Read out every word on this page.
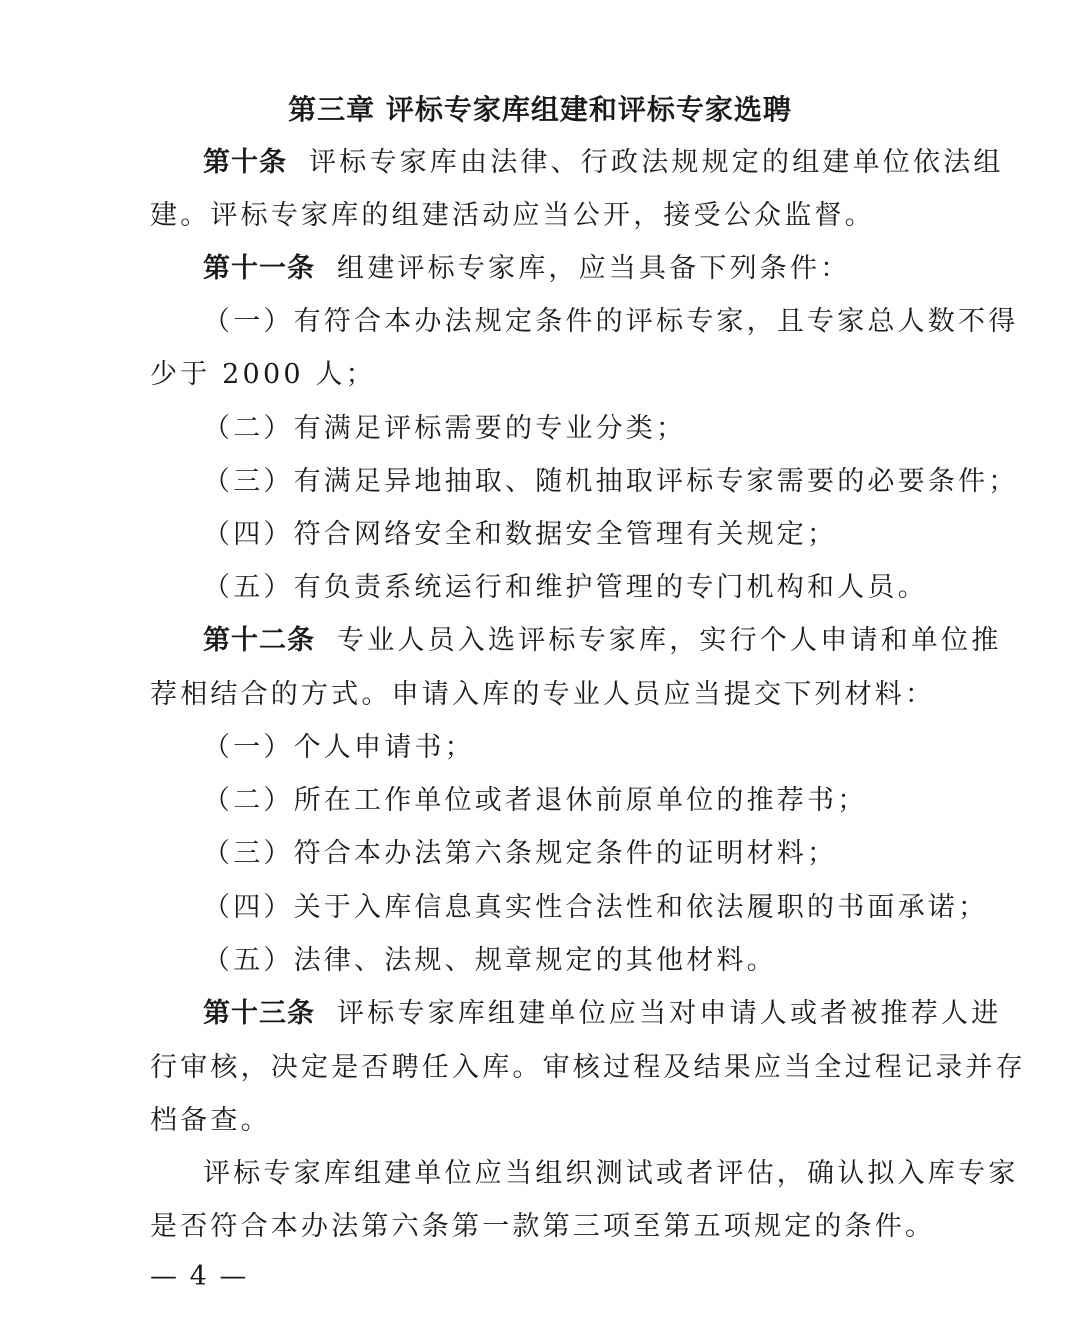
第三章 评标专家库组建和评标专家选聘

第十条 评标专家库由法律、行政法规规定的组建单位依法组

建。评标专家库的组建活动应当公开，接受公众监督。

第十一条 组建评标专家库，应当具备下列条件：

（一）有符合本办法规定条件的评标专家，且专家总人数不得

少于 2000 人；

（二）有满足评标需要的专业分类；

（三）有满足异地抽取、随机抽取评标专家需要的必要条件；

（四）符合网络安全和数据安全管理有关规定；

（五）有负责系统运行和维护管理的专门机构和人员。

第十二条 专业人员入选评标专家库，实行个人申请和单位推

荐相结合的方式。申请入库的专业人员应当提交下列材料：

（一）个人申请书；

（二）所在工作单位或者退休前原单位的推荐书；

（三）符合本办法第六条规定条件的证明材料；

（四）关于入库信息真实性合法性和依法履职的书面承诺；

（五）法律、法规、规章规定的其他材料。

第十三条 评标专家库组建单位应当对申请人或者被推荐人进

行审核，决定是否聘任入库。审核过程及结果应当全过程记录并存

档备查。

评标专家库组建单位应当组织测试或者评估，确认拟入库专家

是否符合本办法第六条第一款第三项至第五项规定的条件。

— 4 —
